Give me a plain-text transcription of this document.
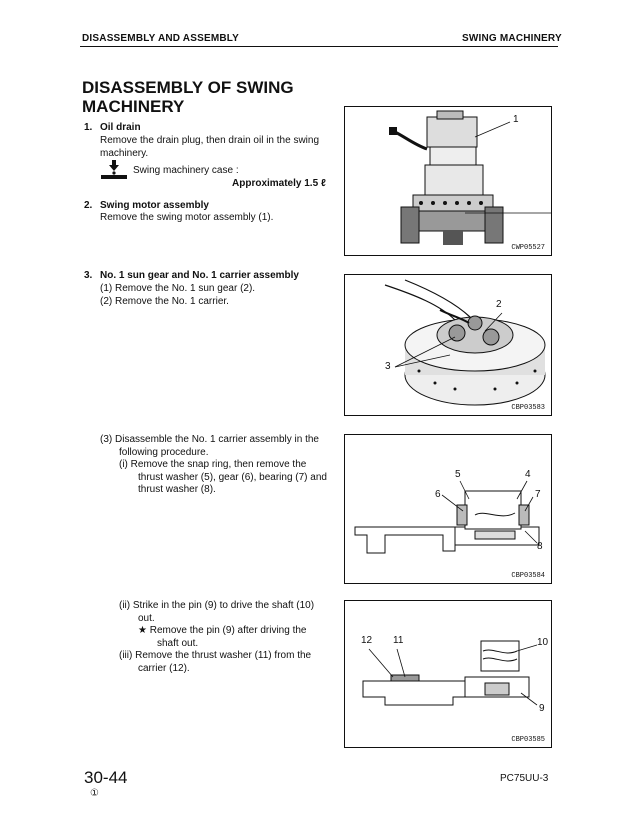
DISASSEMBLY AND ASSEMBLY	SWING MACHINERY
DISASSEMBLY OF SWING
MACHINERY
1. Oil drain
Remove the drain plug, then drain oil in the swing
machinery.
Swing machinery case :
Approximately 1.5 ℓ
2. Swing motor assembly
Remove the swing motor assembly (1).
3. No. 1 sun gear and No. 1 carrier assembly
(1) Remove the No. 1 sun gear (2).
(2) Remove the No. 1 carrier.
(3) Disassemble the No. 1 carrier assembly in the
following procedure.
(i) Remove the snap ring, then remove the
thrust washer (5), gear (6), bearing (7) and
thrust washer (8).
(ii) Strike in the pin (9) to drive the shaft (10)
out.
★ Remove the pin (9) after driving the
shaft out.
(iii) Remove the thrust washer (11) from the
carrier (12).
1
CWP05527
2
3
CBP03583
5	4
6	7
8
CBP03584
12 11	10
9
CBP03585
30-44
①
PC75UU-3
